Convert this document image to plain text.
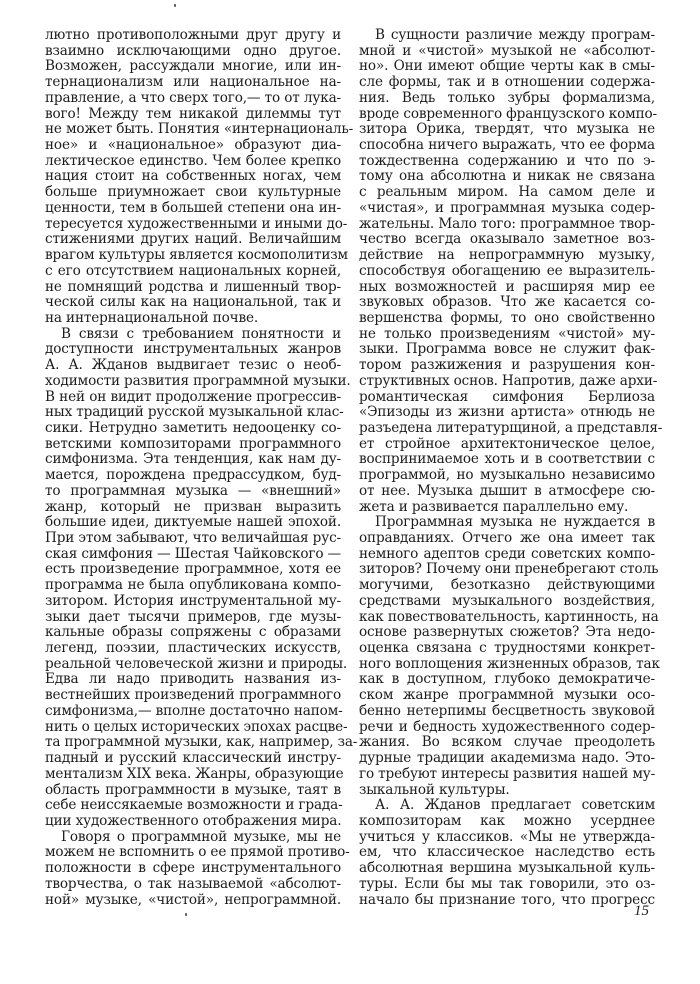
лютно противоположными друг другу и
взаимно исключающими одно другое.
Возможен, рассуждали многие, или ин-
тернационализм или национальное на-
правление, а что сверх того,— то от лука-
вого! Между тем никакой дилеммы тут
не может быть. Понятия «интернациональ-
ное» и «национальное» образуют диа-
лектическое единство. Чем более крепко
нация стоит на собственных ногах, чем
больше приумножает свои культурные
ценности, тем в большей степени она ин-
тересуется художественными и иными до-
стижениями других наций. Величайшим
врагом культуры является космополитизм
с его отсутствием национальных корней,
не помнящий родства и лишенный твор-
ческой силы как на национальной, так и
на интернациональной почве.
В связи с требованием понятности и
доступности инструментальных жанров
А. А. Жданов выдвигает тезис о необ-
ходимости развития программной музыки.
В ней он видит продолжение прогрессив-
ных традиций русской музыкальной клас-
сики. Нетрудно заметить недооценку со-
ветскими композиторами программного
симфонизма. Эта тенденция, как нам ду-
мается, порождена предрассудком, буд-
то программная музыка — «внешний»
жанр, который не призван выразить
большие идеи, диктуемые нашей эпохой.
При этом забывают, что величайшая рус-
ская симфония — Шестая Чайковского —
есть произведение программное, хотя ее
программа не была опубликована компо-
зитором. История инструментальной му-
зыки дает тысячи примеров, где музы-
кальные образы сопряжены с образами
легенд, поэзии, пластических искусств,
реальной человеческой жизни и природы.
Едва ли надо приводить названия из-
вестнейших произведений программного
симфонизма,— вполне достаточно напом-
нить о целых исторических эпохах расцве-
та программной музыки, как, например, за-
падный и русский классический инстру-
ментализм XIX века. Жанры, образующие
область программности в музыке, таят в
себе неиссякаемые возможности и града-
ции художественного отображения мира.
Говоря о программной музыке, мы не
можем не вспомнить о ее прямой противо-
положности в сфере инструментального
творчества, о так называемой «абсолют-
ной» музыке, «чистой», непрограммной.
В сущности различие между програм-
мной и «чистой» музыкой не «абсолют-
но». Они имеют общие черты как в смы-
сле формы, так и в отношении содержа-
ния. Ведь только зубры формализма,
вроде современного французского компо-
зитора Орика, твердят, что музыка не
способна ничего выражать, что ее форма
тождественна содержанию и что по э-
тому она абсолютна и никак не связана
с реальным миром. На самом деле и
«чистая», и программная музыка содер-
жательны. Мало того: программное твор-
чество всегда оказывало заметное воз-
действие на непрограммную музыку,
способствуя обогащению ее выразитель-
ных возможностей и расширяя мир ее
звуковых образов. Что же касается со-
вершенства формы, то оно свойственно
не только произведениям «чистой» му-
зыки. Программа вовсе не служит фак-
тором разжижения и разрушения кон-
структивных основ. Напротив, даже архи-
романтическая симфония Берлиоза
«Эпизоды из жизни артиста» отнюдь не
разъедена литературщиной, а представля-
ет стройное архитектоническое целое,
воспринимаемое хоть и в соответствии с
программой, но музыкально независимо
от нее. Музыка дышит в атмосфере сю-
жета и развивается параллельно ему.
Программная музыка не нуждается в
оправданиях. Отчего же она имеет так
немного адептов среди советских компо-
зиторов? Почему они пренебрегают столь
могучими, безотказно действующими
средствами музыкального воздействия,
как повествовательность, картинность, на
основе развернутых сюжетов? Эта недо-
оценка связана с трудностями конкрет-
ного воплощения жизненных образов, так
как в доступном, глубоко демократиче-
ском жанре программной музыки осо-
бенно нетерпимы бесцветность звуковой
речи и бедность художественного содер-
жания. Во всяком случае преодолеть
дурные традиции академизма надо. Это-
го требуют интересы развития нашей му-
зыкальной культуры.
А. А. Жданов предлагает советским
композиторам как можно усерднее
учиться у классиков. «Мы не утвержда-
ем, что классическое наследство есть
абсолютная вершина музыкальной куль-
туры. Если бы мы так говорили, это оз-
начало бы признание того, что прогресс
15
